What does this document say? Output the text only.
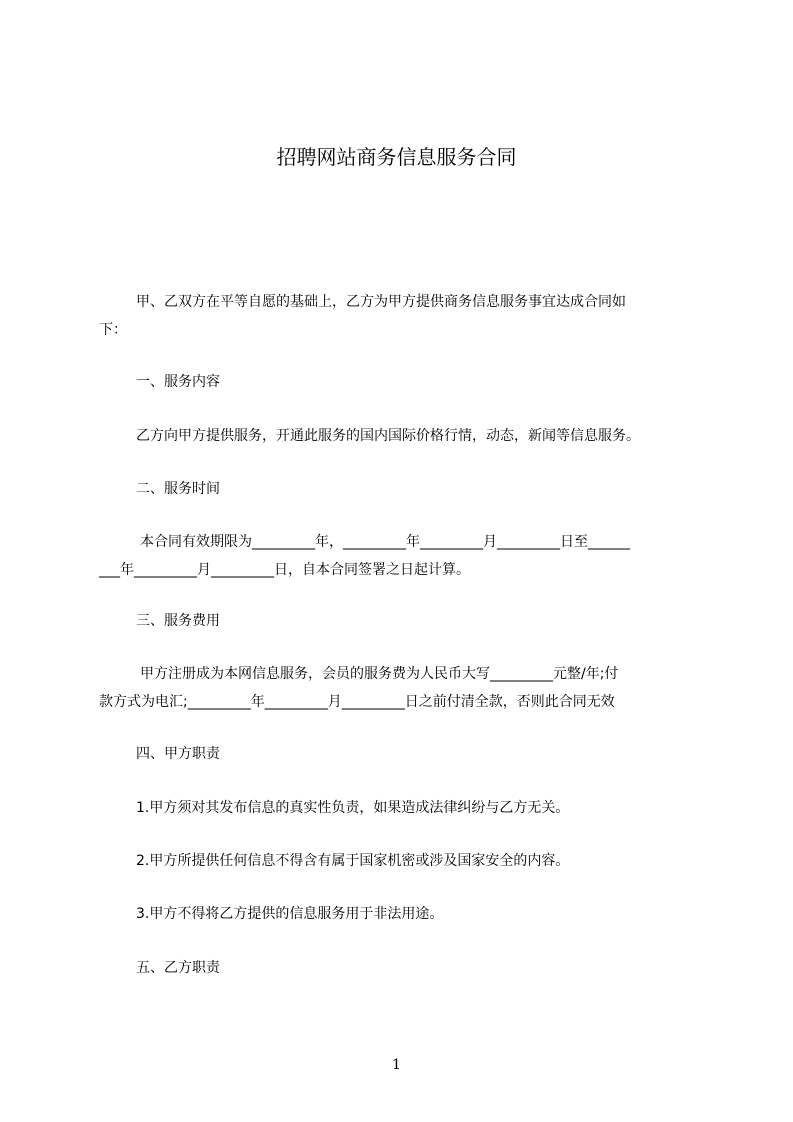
招聘网站商务信息服务合同
甲、乙双方在平等自愿的基础上，乙方为甲方提供商务信息服务事宜达成合同如
下：
一、服务内容
乙方向甲方提供服务，开通此服务的国内国际价格行情，动态，新闻等信息服务。
二、服务时间
本合同有效期限为_________年，_________年_________月_________日至______
___年_________月_________日，自本合同签署之日起计算。
三、服务费用
甲方注册成为本网信息服务，会员的服务费为人民币大写_________元整/年;付
款方式为电汇;_________年_________月_________日之前付清全款，否则此合同无效
四、甲方职责
1.甲方须对其发布信息的真实性负责，如果造成法律纠纷与乙方无关。
2.甲方所提供任何信息不得含有属于国家机密或涉及国家安全的内容。
3.甲方不得将乙方提供的信息服务用于非法用途。
五、乙方职责
1
